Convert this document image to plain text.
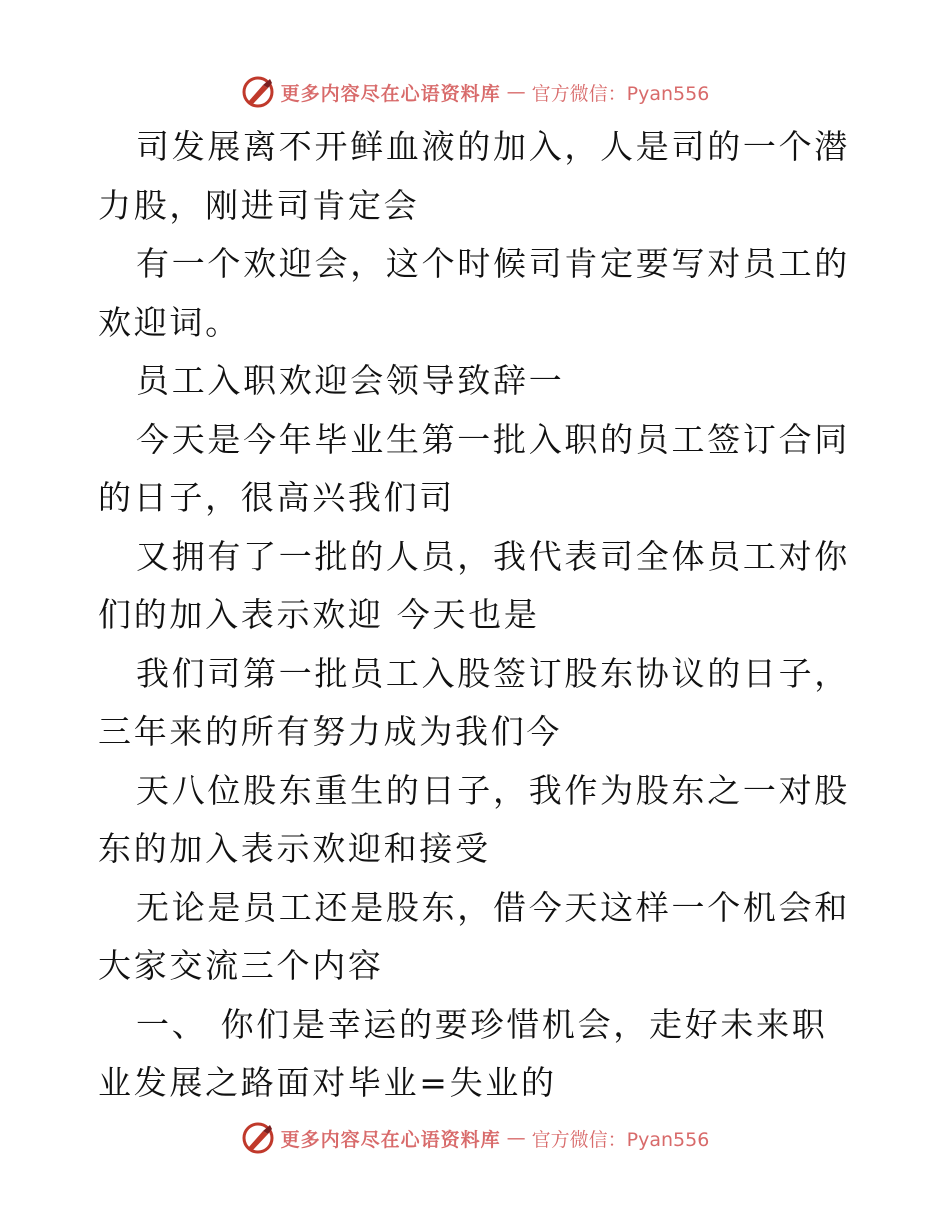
更多内容尽在心语资料库 — 官方微信：Pyan556

司发展离不开鲜血液的加入，人是司的一个潜力股，刚进司肯定会

有一个欢迎会，这个时候司肯定要写对员工的欢迎词。

员工入职欢迎会领导致辞一

今天是今年毕业生第一批入职的员工签订合同的日子，很高兴我们司

又拥有了一批的人员，我代表司全体员工对你们的加入表示欢迎 今天也是

我们司第一批员工入股签订股东协议的日子，三年来的所有努力成为我们今

天八位股东重生的日子，我作为股东之一对股东的加入表示欢迎和接受

无论是员工还是股东，借今天这样一个机会和大家交流三个内容

一、 你们是幸运的要珍惜机会，走好未来职业发展之路面对毕业=失业的

更多内容尽在心语资料库 — 官方微信：Pyan556
